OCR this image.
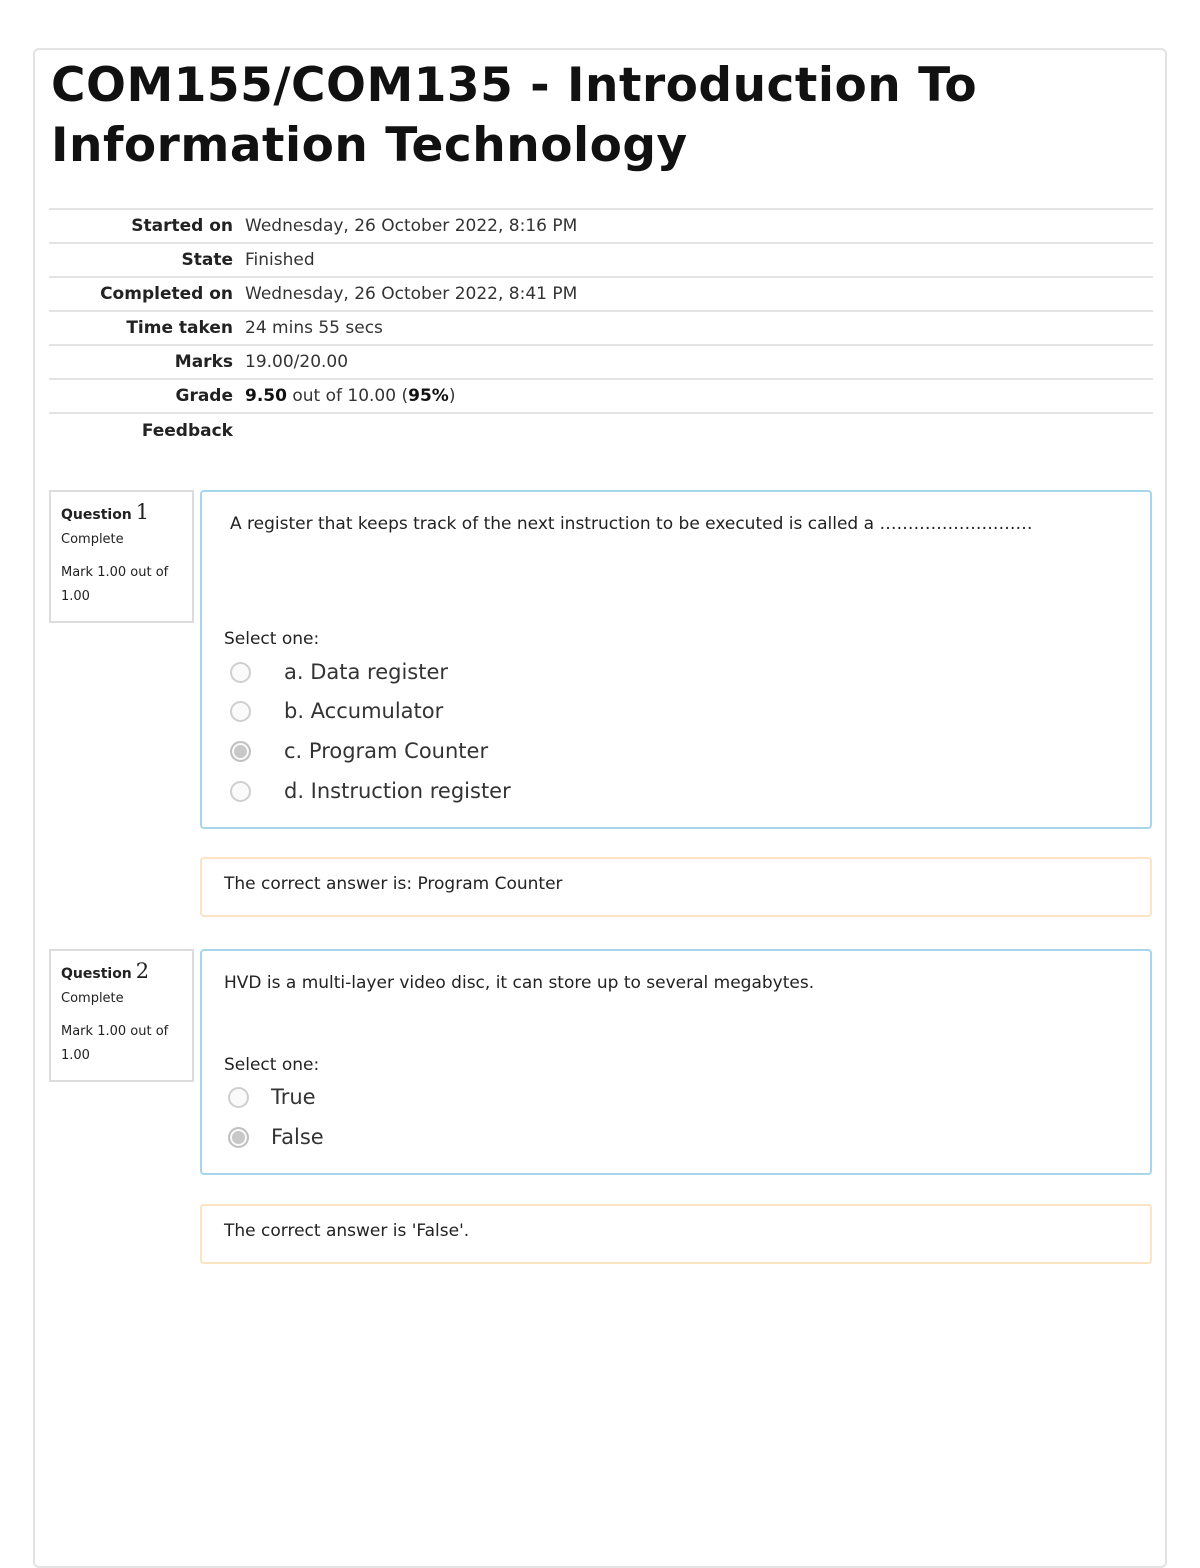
COM155/COM135 - Introduction To Information Technology
Started on	Wednesday, 26 October 2022, 8:16 PM
State	Finished
Completed on	Wednesday, 26 October 2022, 8:41 PM
Time taken	24 mins 55 secs
Marks	19.00/20.00
Grade	9.50 out of 10.00 (95%)
Feedback	
Question 1
Complete
Mark 1.00 out of 1.00
A register that keeps track of the next instruction to be executed is called a ………………………
Select one:
a. Data register
b. Accumulator
c. Program Counter
d. Instruction register
The correct answer is: Program Counter
Question 2
Complete
Mark 1.00 out of 1.00
HVD is a multi-layer video disc, it can store up to several megabytes.
Select one:
True
False
The correct answer is 'False'.
